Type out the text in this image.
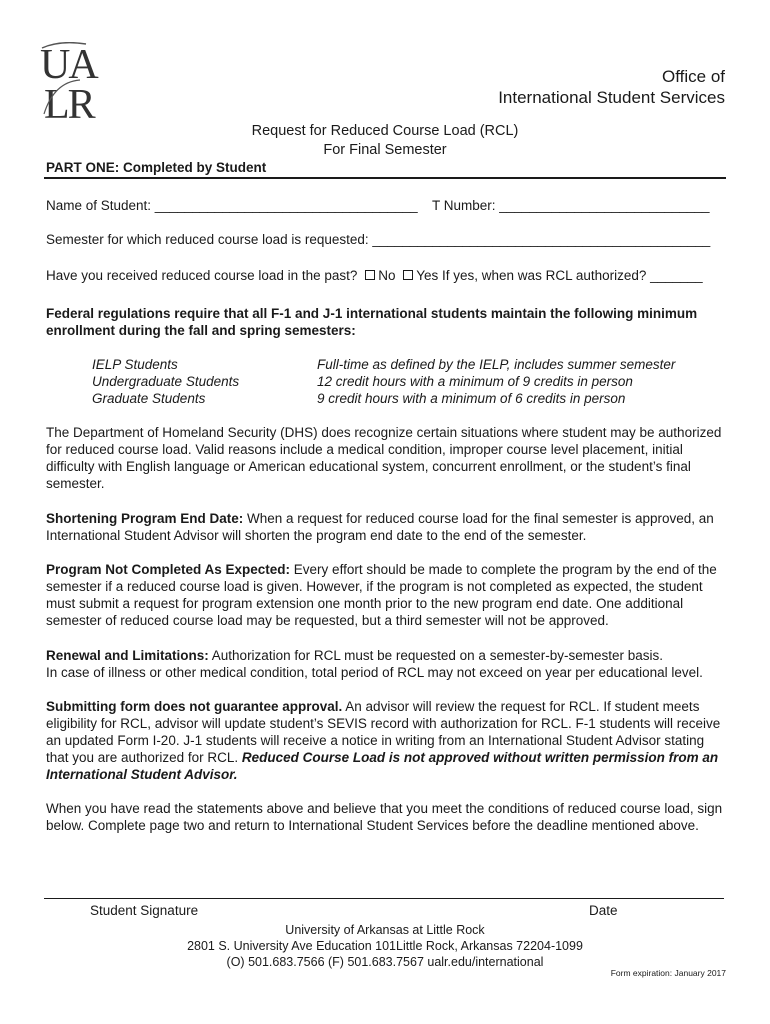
UA
LR
Office of
International Student Services
Request for Reduced Course Load (RCL)
For Final Semester
PART ONE: Completed by Student
Name of Student: ___________________________________ T Number: ____________________________
Semester for which reduced course load is requested: _____________________________________________
Have you received reduced course load in the past? No Yes If yes, when was RCL authorized? _______
Federal regulations require that all F-1 and J-1 international students maintain the following minimum enrollment during the fall and spring semesters:
IELP Students	Full-time as defined by the IELP, includes summer semester
Undergraduate Students	12 credit hours with a minimum of 9 credits in person
Graduate Students	9 credit hours with a minimum of 6 credits in person
The Department of Homeland Security (DHS) does recognize certain situations where student may be authorized for reduced course load. Valid reasons include a medical condition, improper course level placement, initial difficulty with English language or American educational system, concurrent enrollment, or the student’s final semester.
Shortening Program End Date: When a request for reduced course load for the final semester is approved, an International Student Advisor will shorten the program end date to the end of the semester.
Program Not Completed As Expected: Every effort should be made to complete the program by the end of the semester if a reduced course load is given. However, if the program is not completed as expected, the student must submit a request for program extension one month prior to the new program end date. One additional semester of reduced course load may be requested, but a third semester will not be approved.
Renewal and Limitations: Authorization for RCL must be requested on a semester-by-semester basis.
In case of illness or other medical condition, total period of RCL may not exceed on year per educational level.
Submitting form does not guarantee approval. An advisor will review the request for RCL. If student meets eligibility for RCL, advisor will update student’s SEVIS record with authorization for RCL. F-1 students will receive an updated Form I-20. J-1 students will receive a notice in writing from an International Student Advisor stating that you are authorized for RCL. Reduced Course Load is not approved without written permission from an International Student Advisor.
When you have read the statements above and believe that you meet the conditions of reduced course load, sign below. Complete page two and return to International Student Services before the deadline mentioned above.
Student Signature	Date
University of Arkansas at Little Rock
2801 S. University Ave Education 101Little Rock, Arkansas 72204-1099
(O) 501.683.7566 (F) 501.683.7567 ualr.edu/international
Form expiration: January 2017
